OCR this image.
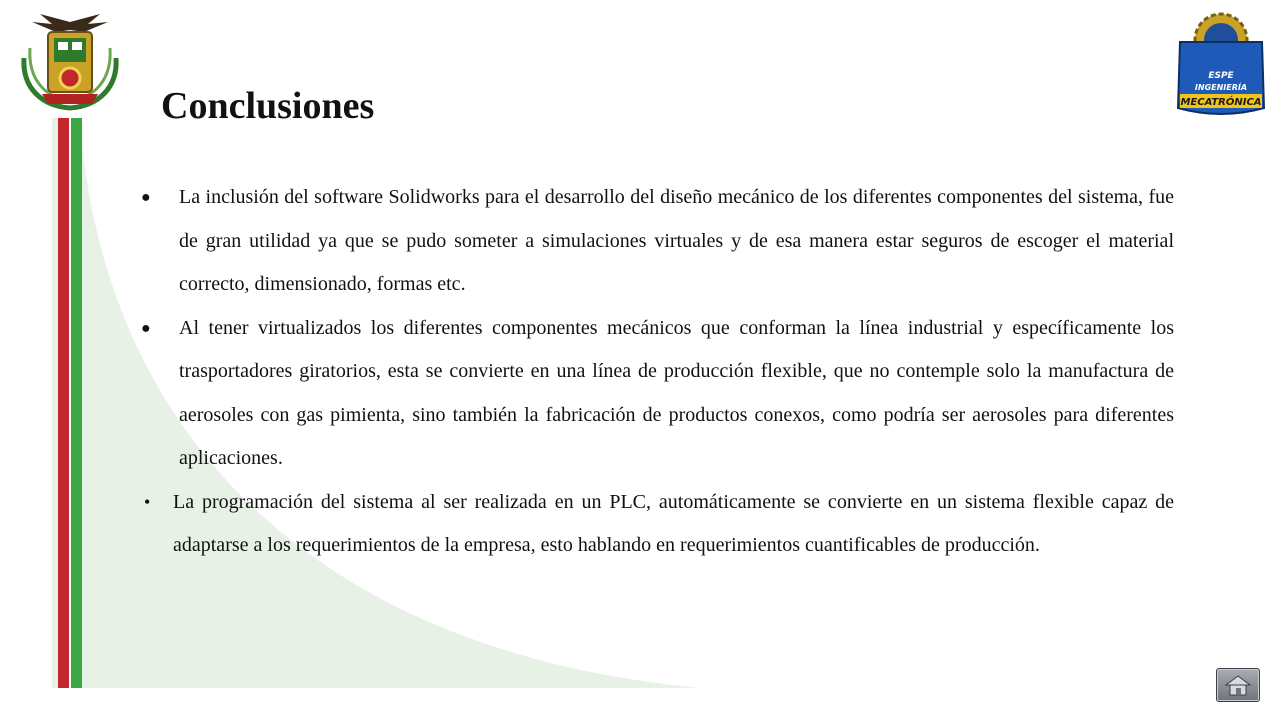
ESPE
INGENIERÍA
MECATRÓNICA
Conclusiones

●	La inclusión del software Solidworks para el desarrollo del diseño mecánico de los diferentes componentes del sistema, fue de gran utilidad ya que se pudo someter a simulaciones virtuales y de esa manera estar seguros de escoger el material correcto, dimensionado, formas etc.

●	Al tener virtualizados los diferentes componentes mecánicos que conforman la línea industrial y específicamente los trasportadores giratorios, esta se convierte en una línea de producción flexible, que no contemple solo la manufactura de aerosoles con gas pimienta, sino también la fabricación de productos conexos, como podría ser aerosoles para diferentes aplicaciones.

•	La programación del sistema al ser realizada en un PLC, automáticamente se convierte en un sistema flexible capaz de adaptarse a los requerimientos de la empresa, esto hablando en requerimientos cuantificables de producción.
